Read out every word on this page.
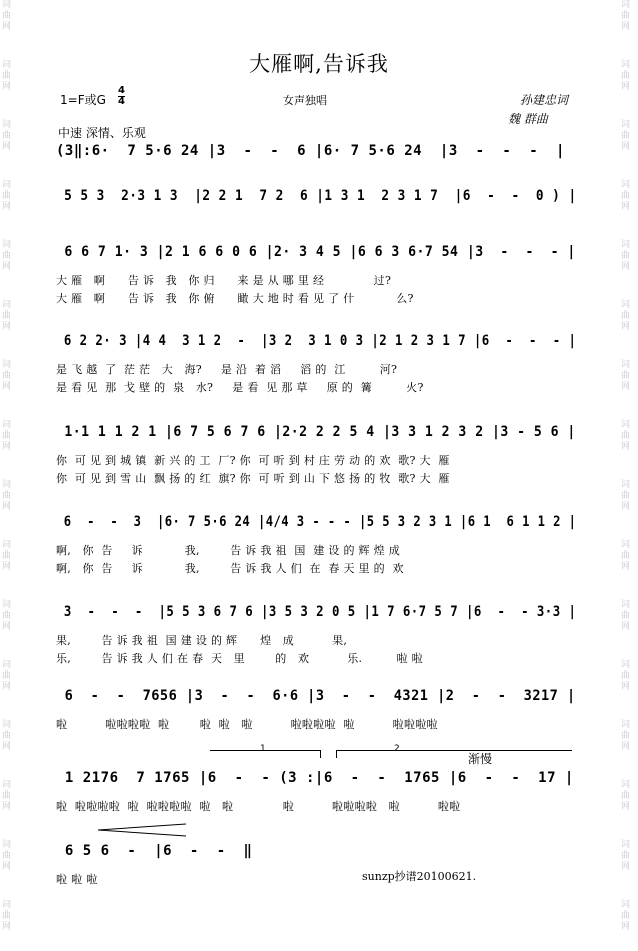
词
曲
网
词
曲
网
词
曲
网
词
曲
网
词
曲
网
词
曲
网
词
曲
网
词
曲
网
词
曲
网
词
曲
网
词
曲
网
词
曲
网
词
曲
网
词
曲
网
词
曲
网
词
曲
网
词
曲
网
词
曲
网
词
曲
网
词
曲
网
词
曲
网
词
曲
网
词
曲
网
词
曲
网
词
曲
网
词
曲
网
词
曲
网
词
曲
网
词
曲
网
词
曲
网
词
曲
网
词
曲
网
大雁啊,告诉我
1=F或G $\frac{4}{4}$	女声独唱	孙建忠词
魏 群曲
中速 深情、乐观
(3‖:6·  7 5·6 24 |3  -  -  6 |6· 7 5·6 24  |3  -  -  -  |
5 5 3  2·3 1 3  |2 2 1  7 2  6 |1 3 1  2 3 1 7  |6  -  -  0 ) |
6 6 7 1· 3 |2 1 6 6 0 6 |2· 3 4 5 |6 6 3 6·7 54 |3  -  -  - |
大 雁   啊      告 诉   我   你 归      来 是 从 哪 里 经             过?
大 雁   啊      告 诉   我   你 俯      瞰 大 地 时 看 见 了 什           么?
6 2 2· 3 |4 4  3 1 2  -  |3 2  3 1 0 3 |2 1 2 3 1 7 |6  -  -  - |
是 飞 越  了  茫 茫   大   海?     是 沿  着 滔     滔 的  江         河?
是 看 见  那  戈 壁 的  泉   水?     是 看  见 那 草     原 的  篝         火?
1·1 1 1 2 1 |6 7 5 6 7 6 |2·2 2 2 5 4 |3 3 1 2 3 2 |3 - 5 6 |
你  可 见 到 城 镇  新 兴 的 工  厂? 你  可 听 到 村 庄 劳 动 的 欢  歌? 大  雁
你  可 见 到 雪 山  飘 扬 的 红  旗? 你  可 听 到 山 下 悠 扬 的 牧  歌? 大  雁
6  -  -  3  |6· 7 5·6 24 |4/4 3 - - - |5 5 3 2 3 1 |6 1  6 1 1 2 |
啊,   你  告     诉           我,        告 诉 我 祖  国  建 设 的 辉 煌 成
啊,   你  告     诉           我,        告 诉 我 人 们  在  春 天 里 的  欢
3  -  -  -  |5 5 3 6 7 6 |3 5 3 2 0 5 |1 7 6·7 5 7 |6  -  - 3·3 |
果,        告 诉 我 祖  国 建 设 的 辉      煌   成          果,
乐,        告 诉 我 人 们 在 春  天   里        的   欢          乐.         啦 啦
6  -  -  7656 |3  -  -  6·6 |3  -  -  4321 |2  -  -  3217 |
啦          啦啦啦啦  啦        啦  啦   啦          啦啦啦啦  啦          啦啦啦啦
1 2176  7 1765 |6  -  - (3 :|6  -  -  1765 |6  -  -  17 |
啦  啦啦啦啦  啦  啦啦啦啦  啦   啦             啦          啦啦啦啦   啦          啦啦
6 5 6  -  |6  -  -  ‖
啦 啦 啦
1	2
渐慢
sunzp抄谱20100621.
